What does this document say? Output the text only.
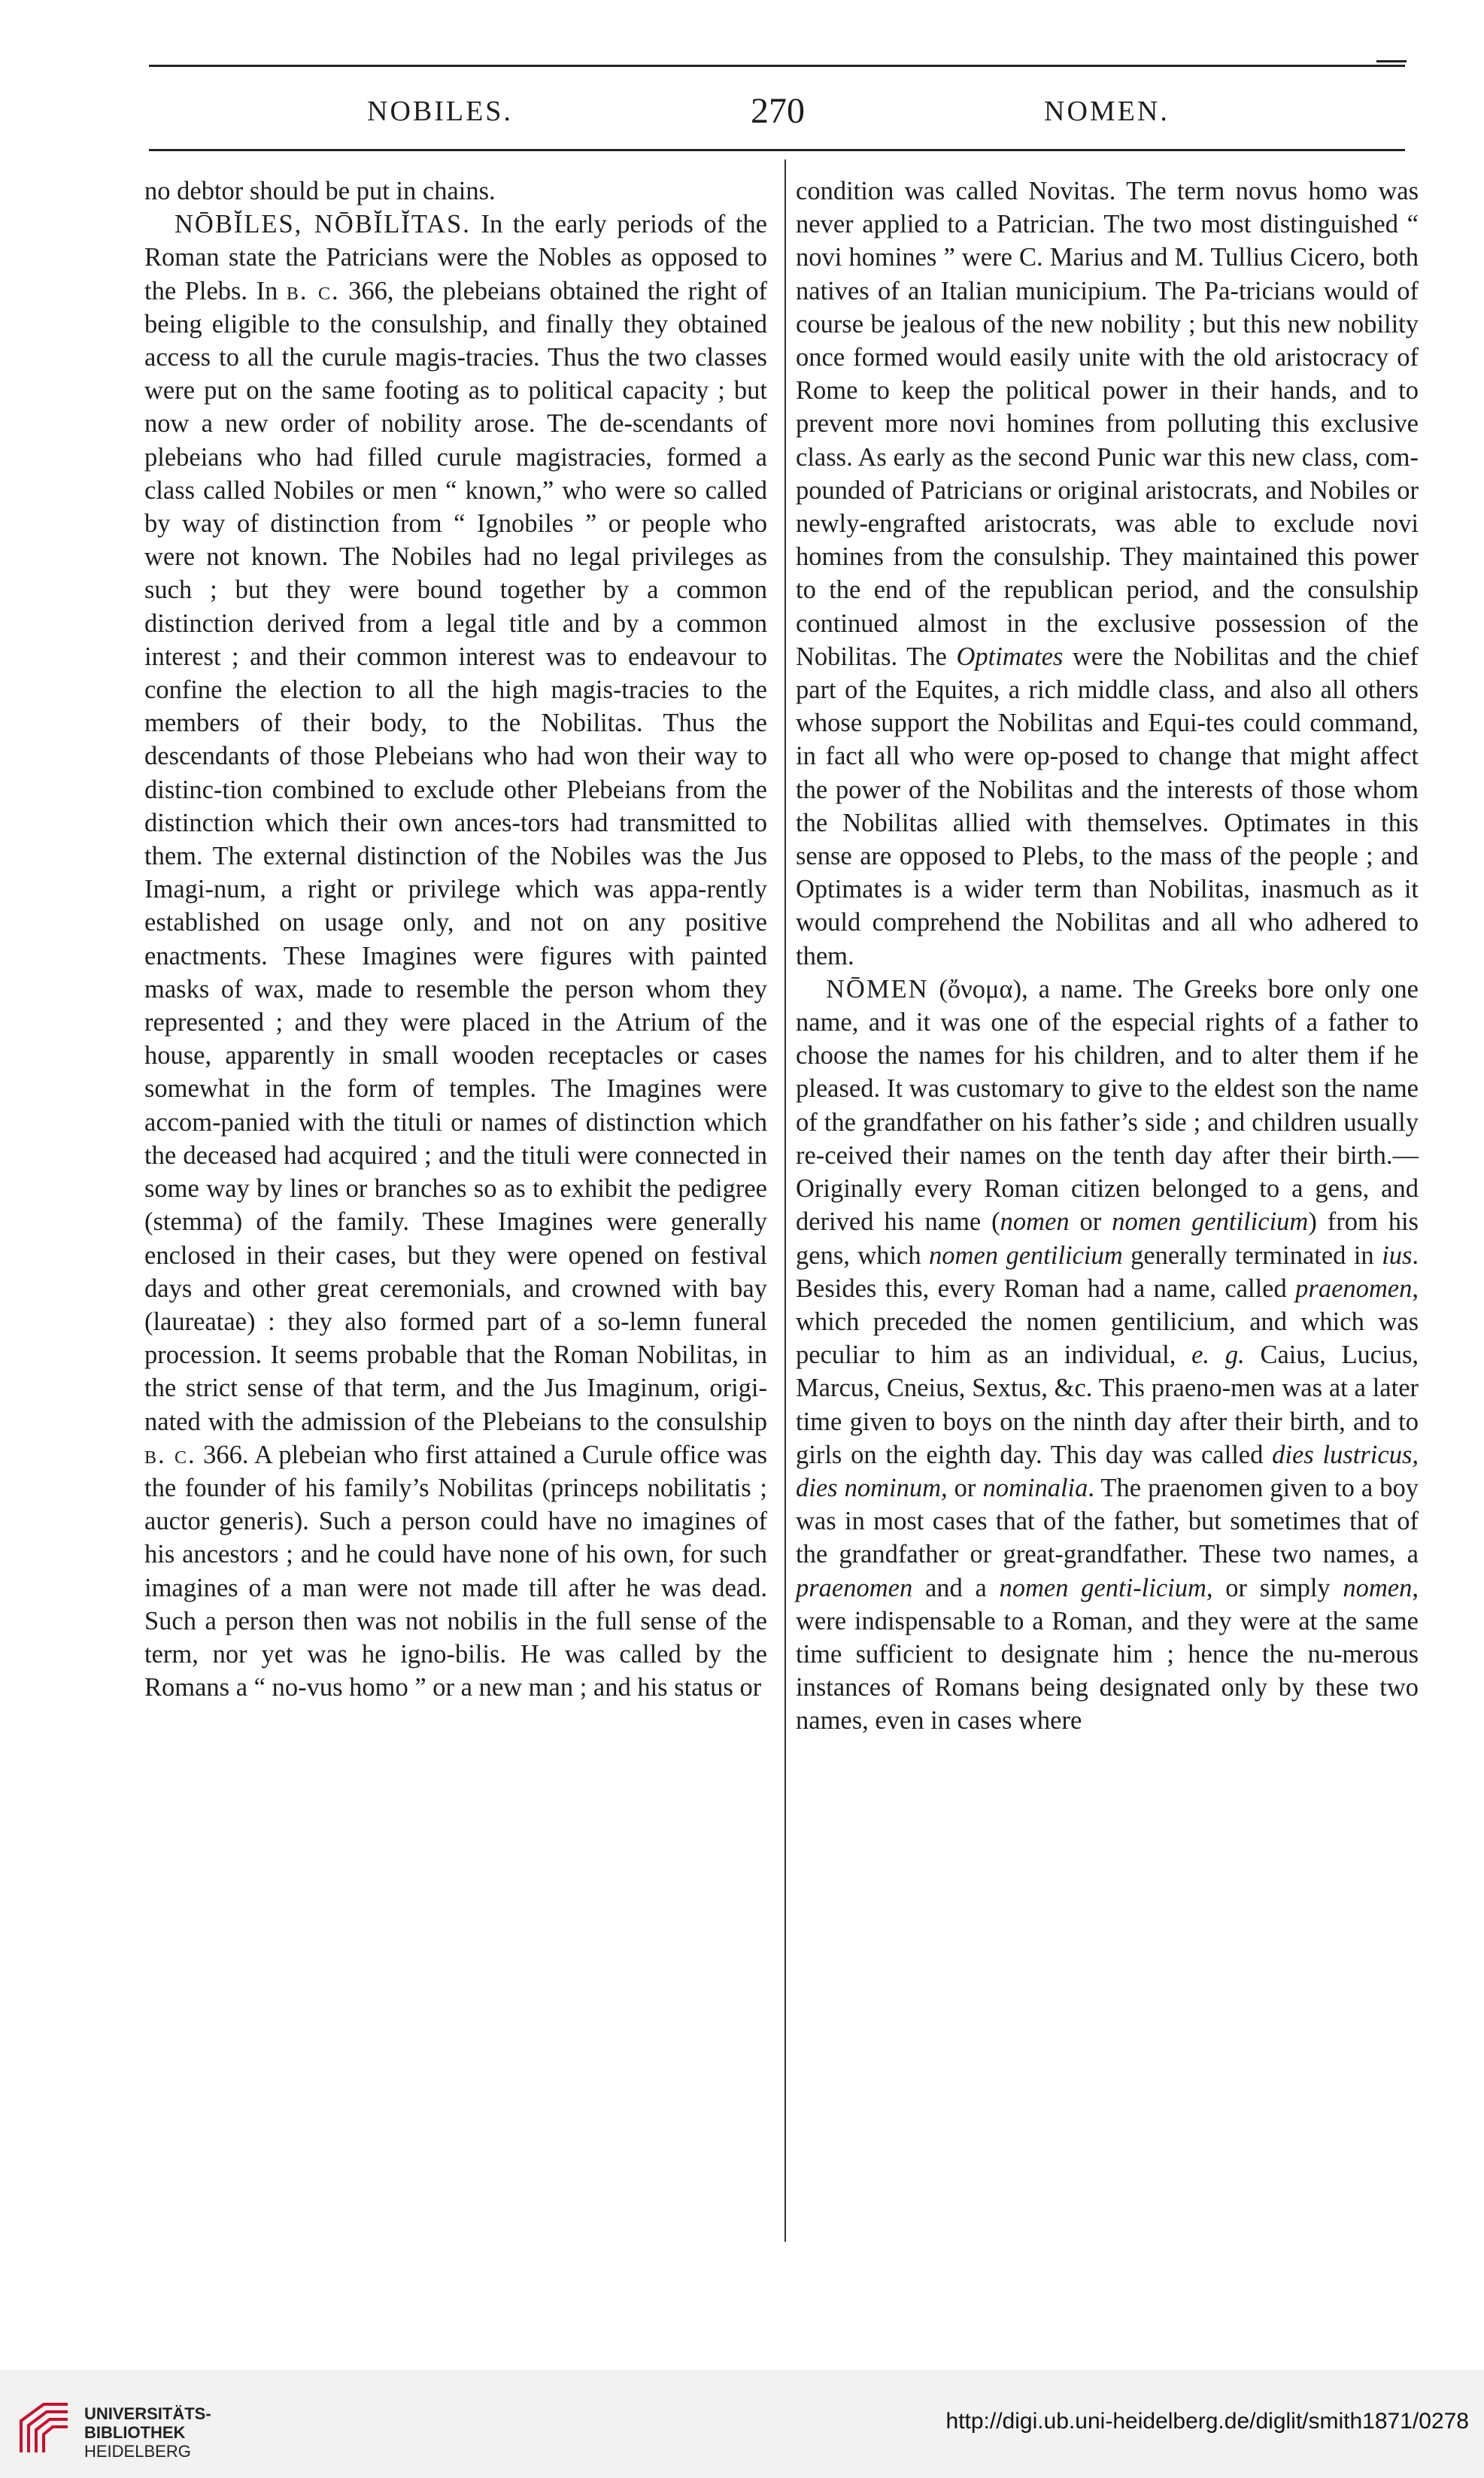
NOBILES.	270	NOMEN.

no debtor should be put in chains.

NŌBĬLES, NŌBĬLĬTAS. In the early periods of the Roman state the Patricians were the Nobles as opposed to the Plebs. In b. c. 366, the plebeians obtained the right of being eligible to the consulship, and finally they obtained access to all the curule magis-tracies. Thus the two classes were put on the same footing as to political capacity ; but now a new order of nobility arose. The de-scendants of plebeians who had filled curule magistracies, formed a class called Nobiles or men “ known,” who were so called by way of distinction from “ Ignobiles ” or people who were not known. The Nobiles had no legal privileges as such ; but they were bound together by a common distinction derived from a legal title and by a common interest ; and their common interest was to endeavour to confine the election to all the high magis-tracies to the members of their body, to the Nobilitas. Thus the descendants of those Plebeians who had won their way to distinc-tion combined to exclude other Plebeians from the distinction which their own ances-tors had transmitted to them. The external distinction of the Nobiles was the Jus Imagi-num, a right or privilege which was appa-rently established on usage only, and not on any positive enactments. These Imagines were figures with painted masks of wax, made to resemble the person whom they represented ; and they were placed in the Atrium of the house, apparently in small wooden receptacles or cases somewhat in the form of temples. The Imagines were accom-panied with the tituli or names of distinction which the deceased had acquired ; and the tituli were connected in some way by lines or branches so as to exhibit the pedigree (stemma) of the family. These Imagines were generally enclosed in their cases, but they were opened on festival days and other great ceremonials, and crowned with bay (laureatae) : they also formed part of a so-lemn funeral procession. It seems probable that the Roman Nobilitas, in the strict sense of that term, and the Jus Imaginum, origi-nated with the admission of the Plebeians to the consulship b. c. 366. A plebeian who first attained a Curule office was the founder of his family’s Nobilitas (princeps nobilitatis ; auctor generis). Such a person could have no imagines of his ancestors ; and he could have none of his own, for such imagines of a man were not made till after he was dead. Such a person then was not nobilis in the full sense of the term, nor yet was he igno-bilis. He was called by the Romans a “ no-vus homo ” or a new man ; and his status or

condition was called Novitas. The term novus homo was never applied to a Patrician. The two most distinguished “ novi homines ” were C. Marius and M. Tullius Cicero, both natives of an Italian municipium. The Pa-tricians would of course be jealous of the new nobility ; but this new nobility once formed would easily unite with the old aristocracy of Rome to keep the political power in their hands, and to prevent more novi homines from polluting this exclusive class. As early as the second Punic war this new class, com-pounded of Patricians or original aristocrats, and Nobiles or newly-engrafted aristocrats, was able to exclude novi homines from the consulship. They maintained this power to the end of the republican period, and the consulship continued almost in the exclusive possession of the Nobilitas. The Optimates were the Nobilitas and the chief part of the Equites, a rich middle class, and also all others whose support the Nobilitas and Equi-tes could command, in fact all who were op-posed to change that might affect the power of the Nobilitas and the interests of those whom the Nobilitas allied with themselves. Optimates in this sense are opposed to Plebs, to the mass of the people ; and Optimates is a wider term than Nobilitas, inasmuch as it would comprehend the Nobilitas and all who adhered to them.

NŌMEN (ὄνομα), a name. The Greeks bore only one name, and it was one of the especial rights of a father to choose the names for his children, and to alter them if he pleased. It was customary to give to the eldest son the name of the grandfather on his father’s side ; and children usually re-ceived their names on the tenth day after their birth.—Originally every Roman citizen belonged to a gens, and derived his name (nomen or nomen gentilicium) from his gens, which nomen gentilicium generally terminated in ius. Besides this, every Roman had a name, called praenomen, which preceded the nomen gentilicium, and which was peculiar to him as an individual, e. g. Caius, Lucius, Marcus, Cneius, Sextus, &c. This praeno-men was at a later time given to boys on the ninth day after their birth, and to girls on the eighth day. This day was called dies lustricus, dies nominum, or nominalia. The praenomen given to a boy was in most cases that of the father, but sometimes that of the grandfather or great-grandfather. These two names, a praenomen and a nomen genti-licium, or simply nomen, were indispensable to a Roman, and they were at the same time sufficient to designate him ; hence the nu-merous instances of Romans being designated only by these two names, even in cases where

UNIVERSITÄTS-
BIBLIOTHEK
HEIDELBERG
http://digi.ub.uni-heidelberg.de/diglit/smith1871/0278
